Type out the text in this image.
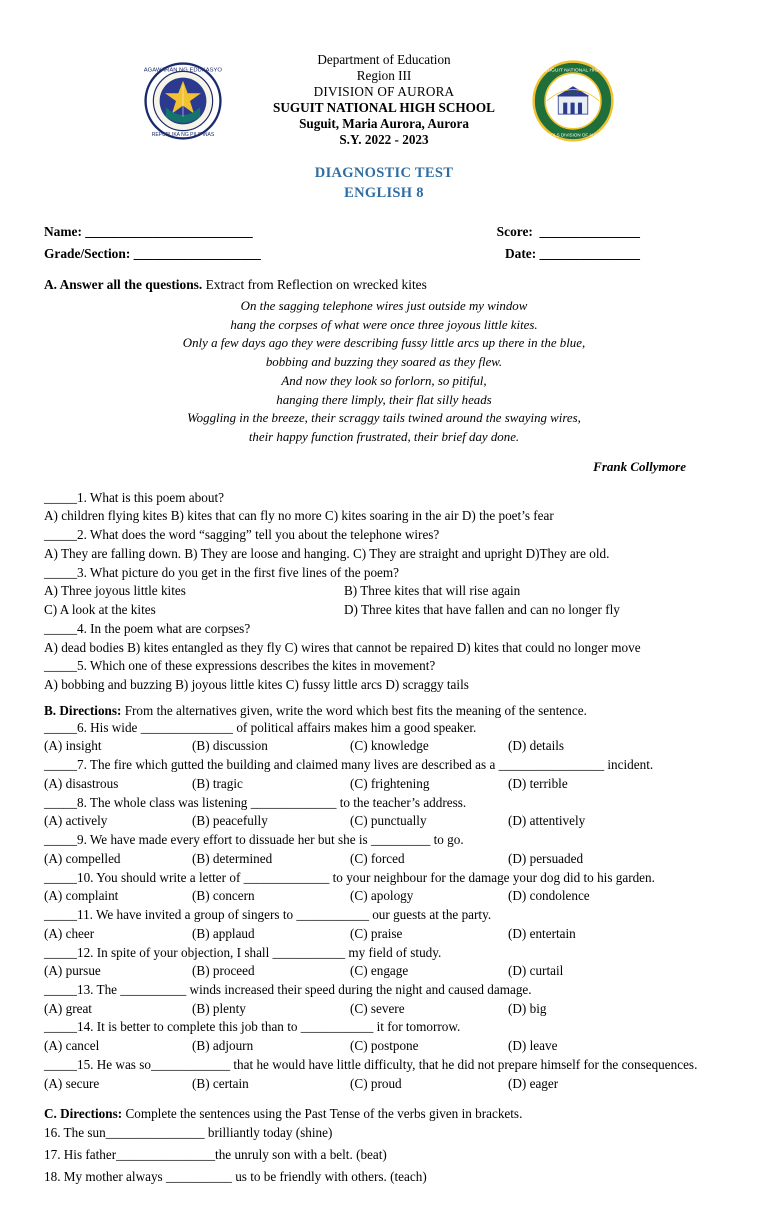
KAGAWARAN NG EDUKASYON
REPUBLIKA NG PILIPINAS
Department of Education
Region III
DIVISION OF AURORA
SUGUIT NATIONAL HIGH SCHOOL
Suguit, Maria Aurora, Aurora
S.Y. 2022 - 2023
SUGUIT NATIONAL HIGH
2014
SCHOOLS DIVISION OF AURORA
DIAGNOSTIC TEST
ENGLISH 8
Name: _________________________	Score:  _______________
Grade/Section: ___________________	Date: _______________
A. Answer all the questions. Extract from Reflection on wrecked kites
On the sagging telephone wires just outside my window
hang the corpses of what were once three joyous little kites.
Only a few days ago they were describing fussy little arcs up there in the blue,
bobbing and buzzing they soared as they flew.
And now they look so forlorn, so pitiful,
hanging there limply, their flat silly heads
Woggling in the breeze, their scraggy tails twined around the swaying wires,
their happy function frustrated, their brief day done.
Frank Collymore
_____1. What is this poem about?
A) children flying kites B) kites that can fly no more C) kites soaring in the air D) the poet’s fear
_____2. What does the word “sagging” tell you about the telephone wires?
A) They are falling down. B) They are loose and hanging. C) They are straight and upright D)They are old.
_____3. What picture do you get in the first five lines of the poem?
A) Three joyous little kites	B) Three kites that will rise again
C) A look at the kites	D) Three kites that have fallen and can no longer fly
_____4. In the poem what are corpses?
A) dead bodies B) kites entangled as they fly C) wires that cannot be repaired D) kites that could no longer move
_____5. Which one of these expressions describes the kites in movement?
A) bobbing and buzzing B) joyous little kites C) fussy little arcs D) scraggy tails
B. Directions: From the alternatives given, write the word which best fits the meaning of the sentence.
_____6. His wide ______________ of political affairs makes him a good speaker.
(A) insight	(B) discussion	(C) knowledge	(D) details
_____7. The fire which gutted the building and claimed many lives are described as a ________________ incident.
(A) disastrous	(B) tragic	(C) frightening	(D) terrible
_____8. The whole class was listening _____________ to the teacher’s address.
(A) actively	(B) peacefully	(C) punctually	(D) attentively
_____9. We have made every effort to dissuade her but she is _________ to go.
(A) compelled	(B) determined	(C) forced	(D) persuaded
_____10. You should write a letter of _____________ to your neighbour for the damage your dog did to his garden.
(A) complaint	(B) concern	(C) apology	(D) condolence
_____11. We have invited a group of singers to ___________ our guests at the party.
(A) cheer	(B) applaud	(C) praise	(D) entertain
_____12. In spite of your objection, I shall ___________ my field of study.
(A) pursue	(B) proceed	(C) engage	(D) curtail
_____13. The __________ winds increased their speed during the night and caused damage.
(A) great	(B) plenty	(C) severe	(D) big
_____14. It is better to complete this job than to ___________ it for tomorrow.
(A) cancel	(B) adjourn	(C) postpone	(D) leave
_____15. He was so____________ that he would have little difficulty, that he did not prepare himself for the consequences.
(A) secure	(B) certain	(C) proud	(D) eager
C. Directions: Complete the sentences using the Past Tense of the verbs given in brackets.
16. The sun_______________ brilliantly today (shine)
17. His father_______________the unruly son with a belt. (beat)
18. My mother always __________ us to be friendly with others. (teach)
